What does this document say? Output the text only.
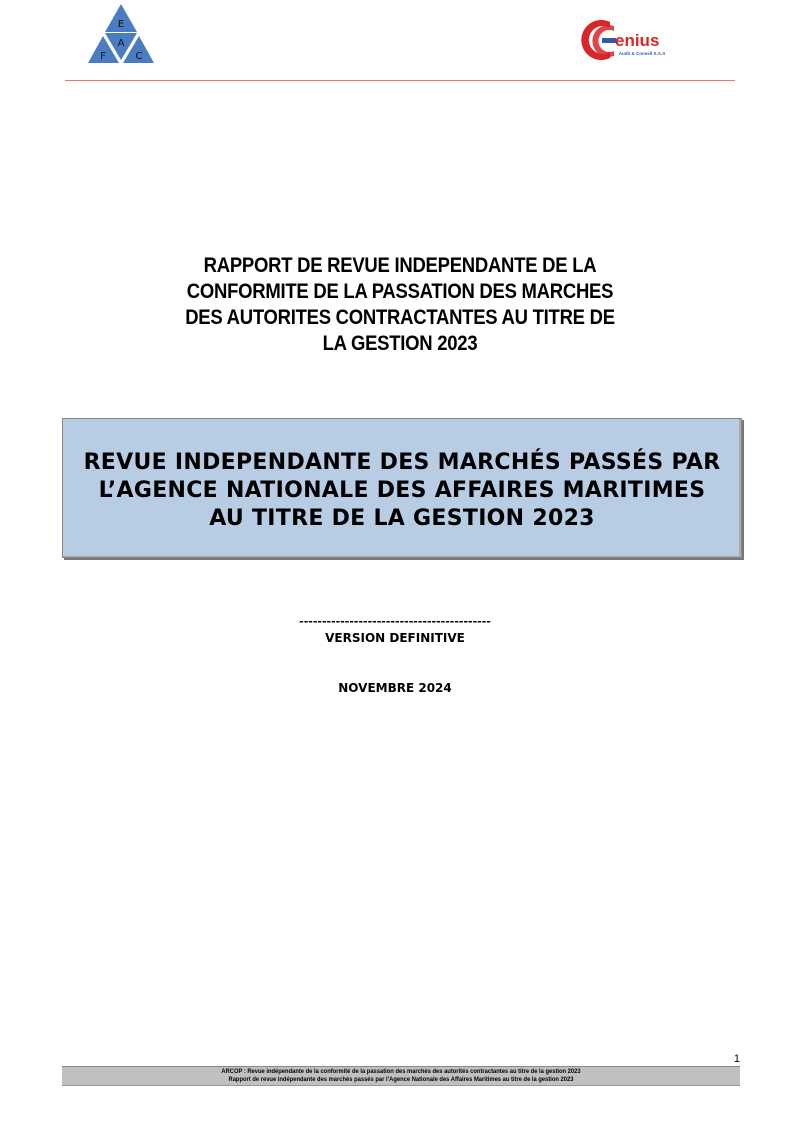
E
A
F	C
enius
Audit & Conseil S.A.S
RAPPORT DE REVUE INDEPENDANTE DE LA
CONFORMITE DE LA PASSATION DES MARCHES
DES AUTORITES CONTRACTANTES AU TITRE DE
LA GESTION 2023
REVUE INDEPENDANTE DES MARCHÉS PASSÉS PAR
L’AGENCE NATIONALE DES AFFAIRES MARITIMES
AU TITRE DE LA GESTION 2023
------------------------------------------
VERSION DEFINITIVE
NOVEMBRE 2024
1
ARCOP : Revue indépendante de la conformité de la passation des marchés des autorités contractantes au titre de la gestion 2023
Rapport de revue indépendante des marchés passés par l’Agence Nationale des Affaires Maritimes au titre de la gestion 2023
